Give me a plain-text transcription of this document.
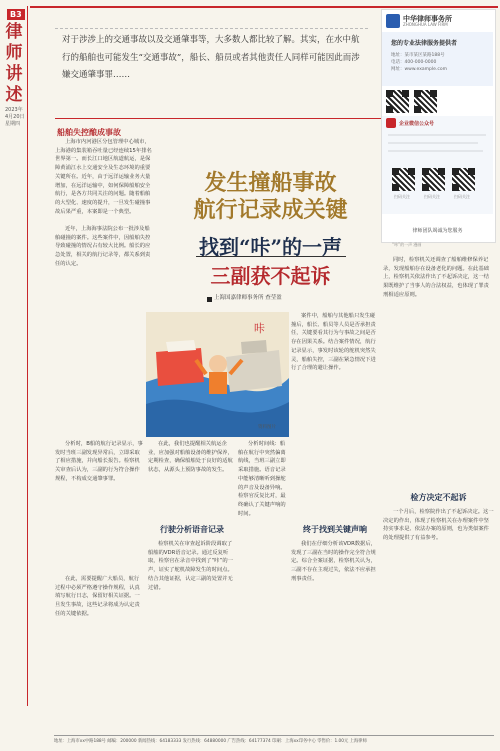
B3
律
师
讲
述
2023年
4月20日
星期四
对于涉涉上的交通事故以及交通肇事等，大多数人都比较了解。其实，在水中航行的船舶也可能发生“交通事故”，船长、船员或者其他责任人同样可能因此而涉嫌交通肇事罪……
中华律师事务所
ZHONGHUA LAW FIRM
您的专业法律服务提供者
地址：某市某区某路188号
电话：400-000-0000
网址：www.example.com
企业微信公众号
扫码关注	扫码关注	扫码关注
律师团队竭诚为您服务
船舶失控酿成事故
发生撞船事故
航行记录成关键
找到“咔”的一声
三副获不起诉
上海国嘉律师事务所 查莹盈
上海市内河港区分包管理中心城市，上海港的集装箱吞吐量已经连续15年排名世界第一。而长江口地区航道航运，是保障黄浦江水上交通安全及生态环境的重要关键所在。近年，由于远洋运输业务大量增加，在远洋运输中，如何保障船舶安全航行，是各方共同关注的问题。随着船舶的大型化、速度的提升，一旦发生碰撞事故后果严重，本案即是一个典型。
近年，上海海事法院公布一批涉及船舶碰撞的案件。这些案件中，因船舶失控导致碰撞的情况占有较大比例。船长的应急处置，相关的航行记录等，都关系到责任的认定。
咔
资料图片
案件中，船舶与其他船只发生碰撞后，船长、船员等人员是否承担责任，关键要看其行为与事故之间是否存在因果关系。结合案件情况，航行记录显示，事发时该轮的舵机突然失灵，船舶失控，三副在紧急情况下进行了合理的避让操作。
同时，检察机关还调查了船舶维修保养记录，发现船舶存在设备老化的问题。在此基础上，检察机关依法作出了不起诉决定，这一结果既维护了当事人的合法权益，也体现了罪责刑相适应原则。
“咔”的一声 漫画
分析时，B船的航行记录显示，事发时当班三副发现异常后，立即采取了相应措施，并向船长报告。检察机关审查后认为，三副的行为符合操作规程，不构成交通肇事罪。
在此，需要提醒广大船员，航行过程中必须严格遵守操作规程，认真填写航行日志，保留好相关证据。一旦发生事故，这些记录将成为认定责任的关键依据。
在此，我们也提醒相关航运企业，应加强对船舶设备的维护保养，定期检查，确保船舶处于良好的适航状态，从源头上预防事故的发生。
行驶分析语音记录
检察机关在审查起诉阶段调取了船舶的VDR语音记录。通过反复听取，检察官在录音中找到了“咔”的一声，证实了舵机故障发生的时间点。结合其他证据，认定三副的处置并无过错。
分析时间线：船舶在航行中突然偏离航线，当班三副立即采取措施。语音记录中能够清晰听到操舵的声音及设备异响。检察官反复比对，最终确认了关键声响的时间。
终于找到关键声响
我们在仔细分析该VDR数据后，发现了三副在当时的操作完全符合规定。综合全案证据，检察机关认为，三副不存在主观过失，依法不应承担刑事责任。
检方决定不起诉
一个月后，检察院作出了不起诉决定。这一决定的作出，体现了检察机关在办理案件中坚持实事求是、依法办案的原则，也为类似案件的处理提供了有益参考。
地址：上海市xx中路188号 邮编：200000 新闻热线：64183333 发行热线：64880000 广告热线：64177374 印刷：上海xx印务中心 零售价：1.00元 上海律师
